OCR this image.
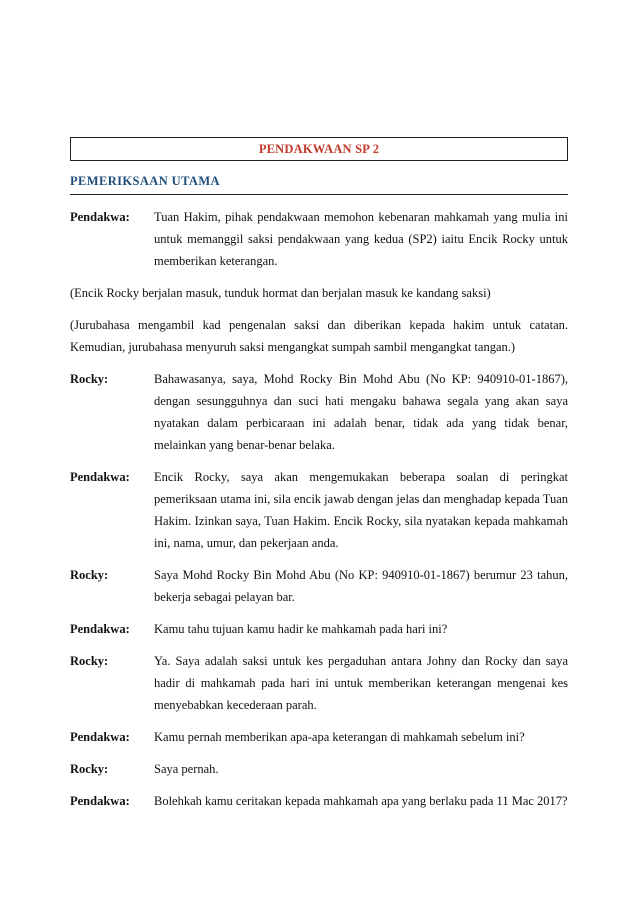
PENDAKWAAN SP 2
PEMERIKSAAN UTAMA
Pendakwa:	Tuan Hakim, pihak pendakwaan memohon kebenaran mahkamah yang mulia ini untuk memanggil saksi pendakwaan yang kedua (SP2) iaitu Encik Rocky untuk memberikan keterangan.
(Encik Rocky berjalan masuk, tunduk hormat dan berjalan masuk ke kandang saksi)
(Jurubahasa mengambil kad pengenalan saksi dan diberikan kepada hakim untuk catatan. Kemudian, jurubahasa menyuruh saksi mengangkat sumpah sambil mengangkat tangan.)
Rocky:	Bahawasanya, saya, Mohd Rocky Bin Mohd Abu (No KP: 940910-01-1867), dengan sesungguhnya dan suci hati mengaku bahawa segala yang akan saya nyatakan dalam perbicaraan ini adalah benar, tidak ada yang tidak benar, melainkan yang benar-benar belaka.
Pendakwa:	Encik Rocky, saya akan mengemukakan beberapa soalan di peringkat pemeriksaan utama ini, sila encik jawab dengan jelas dan menghadap kepada Tuan Hakim. Izinkan saya, Tuan Hakim. Encik Rocky, sila nyatakan kepada mahkamah ini, nama, umur, dan pekerjaan anda.
Rocky:	Saya Mohd Rocky Bin Mohd Abu (No KP: 940910-01-1867) berumur 23 tahun, bekerja sebagai pelayan bar.
Pendakwa:	Kamu tahu tujuan kamu hadir ke mahkamah pada hari ini?
Rocky:	Ya. Saya adalah saksi untuk kes pergaduhan antara Johny dan Rocky dan saya hadir di mahkamah pada hari ini untuk memberikan keterangan mengenai kes menyebabkan kecederaan parah.
Pendakwa:	Kamu pernah memberikan apa-apa keterangan di mahkamah sebelum ini?
Rocky:	Saya pernah.
Pendakwa:	Bolehkah kamu ceritakan kepada mahkamah apa yang berlaku pada 11 Mac 2017?
